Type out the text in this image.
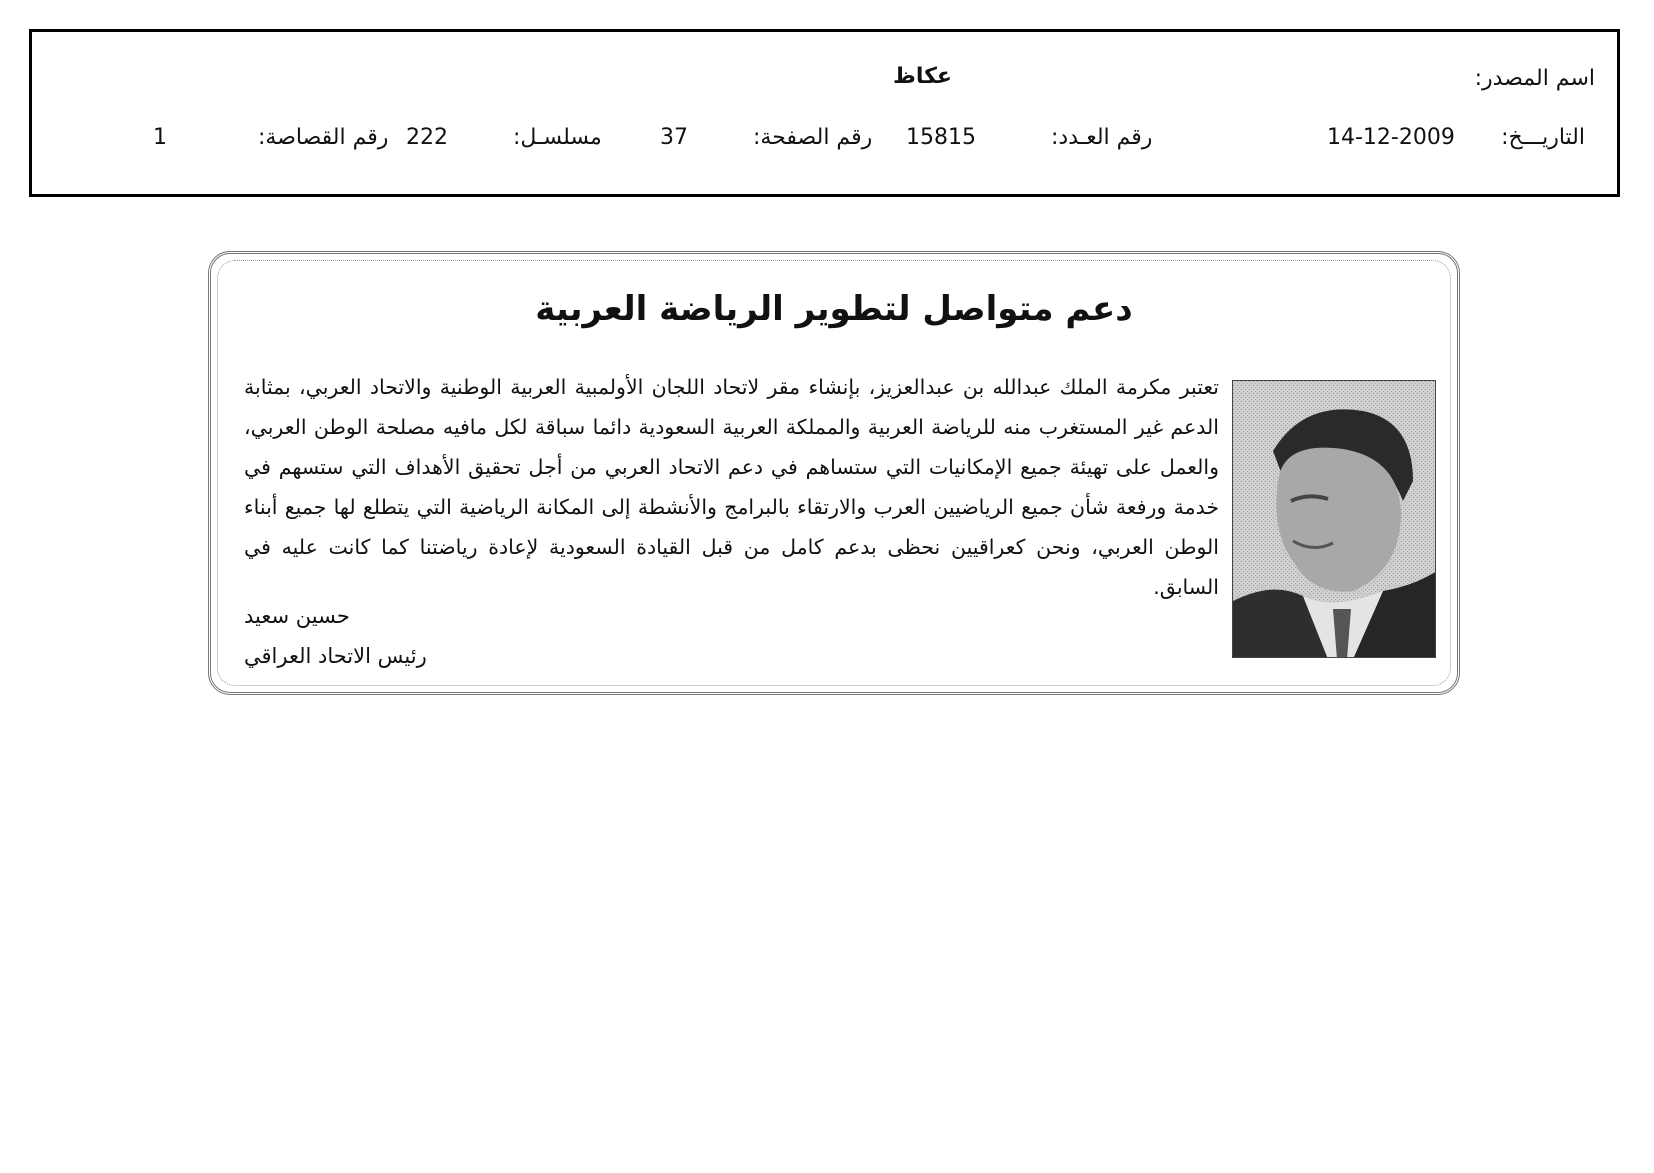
اسم المصدر:
عكاظ
التاريـــخ:
14-12-2009
رقم العـدد:
15815
رقم الصفحة:
37
مسلسـل:
222
رقم القصاصة:
1
دعم متواصل لتطوير الرياضة العربية
تعتبر مكرمة الملك عبدالله بن عبدالعزيز، بإنشاء مقر لاتحاد اللجان الأولمبية العربية الوطنية والاتحاد العربي، بمثابة الدعم غير المستغرب منه للرياضة العربية والمملكة العربية السعودية دائما سباقة لكل مافيه مصلحة الوطن العربي، والعمل على تهيئة جميع الإمكانيات التي ستساهم في دعم الاتحاد العربي من أجل تحقيق الأهداف التي ستسهم في خدمة ورفعة شأن جميع الرياضيين العرب والارتقاء بالبرامج والأنشطة إلى المكانة الرياضية التي يتطلع لها جميع أبناء الوطن العربي، ونحن كعراقيين نحظى بدعم كامل من قبل القيادة السعودية لإعادة رياضتنا كما كانت عليه في السابق.
حسين سعيد
رئيس الاتحاد العراقي
